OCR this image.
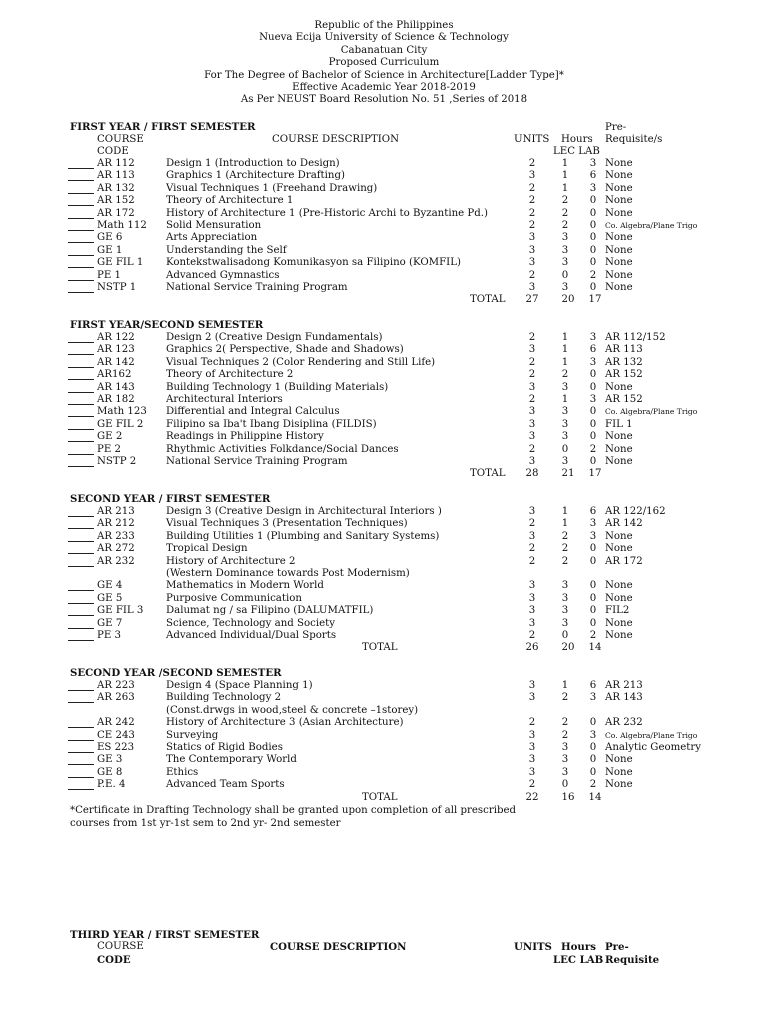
Republic of the Philippines
Nueva Ecija University of Science & Technology
Cabanatuan City
Proposed Curriculum
For The Degree of Bachelor of Science in Architecture[Ladder Type]*
Effective Academic Year 2018-2019
As Per NEUST Board Resolution No. 51 ,Series of 2018
FIRST YEAR / FIRST SEMESTER
COURSE	COURSE DESCRIPTION	UNITS Hours
Pre-
Requisite/s
CODE	LEC LAB
AR 112	Design 1 (Introduction to Design)	2	1	3 None
AR 113	Graphics 1 (Architecture Drafting)	3	1	6 None
AR 132	Visual Techniques 1 (Freehand Drawing)	2	1	3 None
AR 152	Theory of Architecture 1	2	2	0 None
AR 172	History of Architecture 1 (Pre-Historic Archi to Byzantine Pd.)	2	2	0 None
Math 112 Solid Mensuration	2	2	0	Co. Algebra/Plane Trigo
GE 6	Arts Appreciation	3	3	0 None
GE 1	Understanding the Self	3	3	0 None
GE FIL 1 Kontekstwalisadong Komunikasyon sa Filipino (KOMFIL)	3	3	0 None
PE 1	Advanced Gymnastics	2	0	2 None
NSTP 1	National Service Training Program	3	3	0 None
TOTAL 27 20 17
FIRST YEAR/SECOND SEMESTER
AR 122	Design 2 (Creative Design Fundamentals)	2	1	3 AR 112/152
AR 123	Graphics 2( Perspective, Shade and Shadows)	3	1	6 AR 113
AR 142	Visual Techniques 2 (Color Rendering and Still Life)	2	1	3 AR 132
AR162	Theory of Architecture 2	2	2	0 AR 152
AR 143	Building Technology 1 (Building Materials)	3	3	0 None
AR 182	Architectural Interiors	2	1	3 AR 152
Math 123 Differential and Integral Calculus	3	3	0	Co. Algebra/Plane Trigo
GE FIL 2 Filipino sa Iba't Ibang Disiplina (FILDIS)	3	3	0 FIL 1
GE 2	Readings in Philippine History	3	3	0 None
PE 2	Rhythmic Activities Folkdance/Social Dances	2	0	2 None
NSTP 2	National Service Training Program	3	3	0 None
TOTAL 28 21 17
SECOND YEAR / FIRST SEMESTER
AR 213	Design 3 (Creative Design in Architectural Interiors )	3	1	6 AR 122/162
AR 212	Visual Techniques 3 (Presentation Techniques)	2	1	3 AR 142
AR 233	Building Utilities 1 (Plumbing and Sanitary Systems)	3	2	3 None
AR 272	Tropical Design	2	2	0 None
AR 232	History of Architecture 2	2	2	0 AR 172
(Western Dominance towards Post Modernism)
GE 4	Mathematics in Modern World	3	3	0 None
GE 5	Purposive Communication	3	3	0 None
GE FIL 3 Dalumat ng / sa Filipino (DALUMATFIL)	3	3	0 FIL2
GE 7	Science, Technology and Society	3	3	0 None
PE 3	Advanced Individual/Dual Sports	2	0	2 None
TOTAL	26 20 14
SECOND YEAR /SECOND SEMESTER
AR 223	Design 4 (Space Planning 1)	3	1	6 AR 213
AR 263	Building Technology 2	3	2	3 AR 143
(Const.drwgs in wood,steel & concrete –1storey)
AR 242	History of Architecture 3 (Asian Architecture)	2	2	0 AR 232
CE 243	Surveying	3	2	3	Co. Algebra/Plane Trigo
ES 223	Statics of Rigid Bodies	3	3	0 Analytic Geometry
GE 3	The Contemporary World	3	3	0 None
GE 8	Ethics	3	3	0 None
P.E. 4	Advanced Team Sports	2	0	2 None
TOTAL	22 16 14
*Certificate in Drafting Technology shall be granted upon completion of all prescribed
courses from 1st yr-1st sem to 2nd yr- 2nd semester
THIRD YEAR / FIRST SEMESTER
COURSE	COURSE DESCRIPTION	UNITS Hours Pre-
CODE	LEC LAB Requisite
